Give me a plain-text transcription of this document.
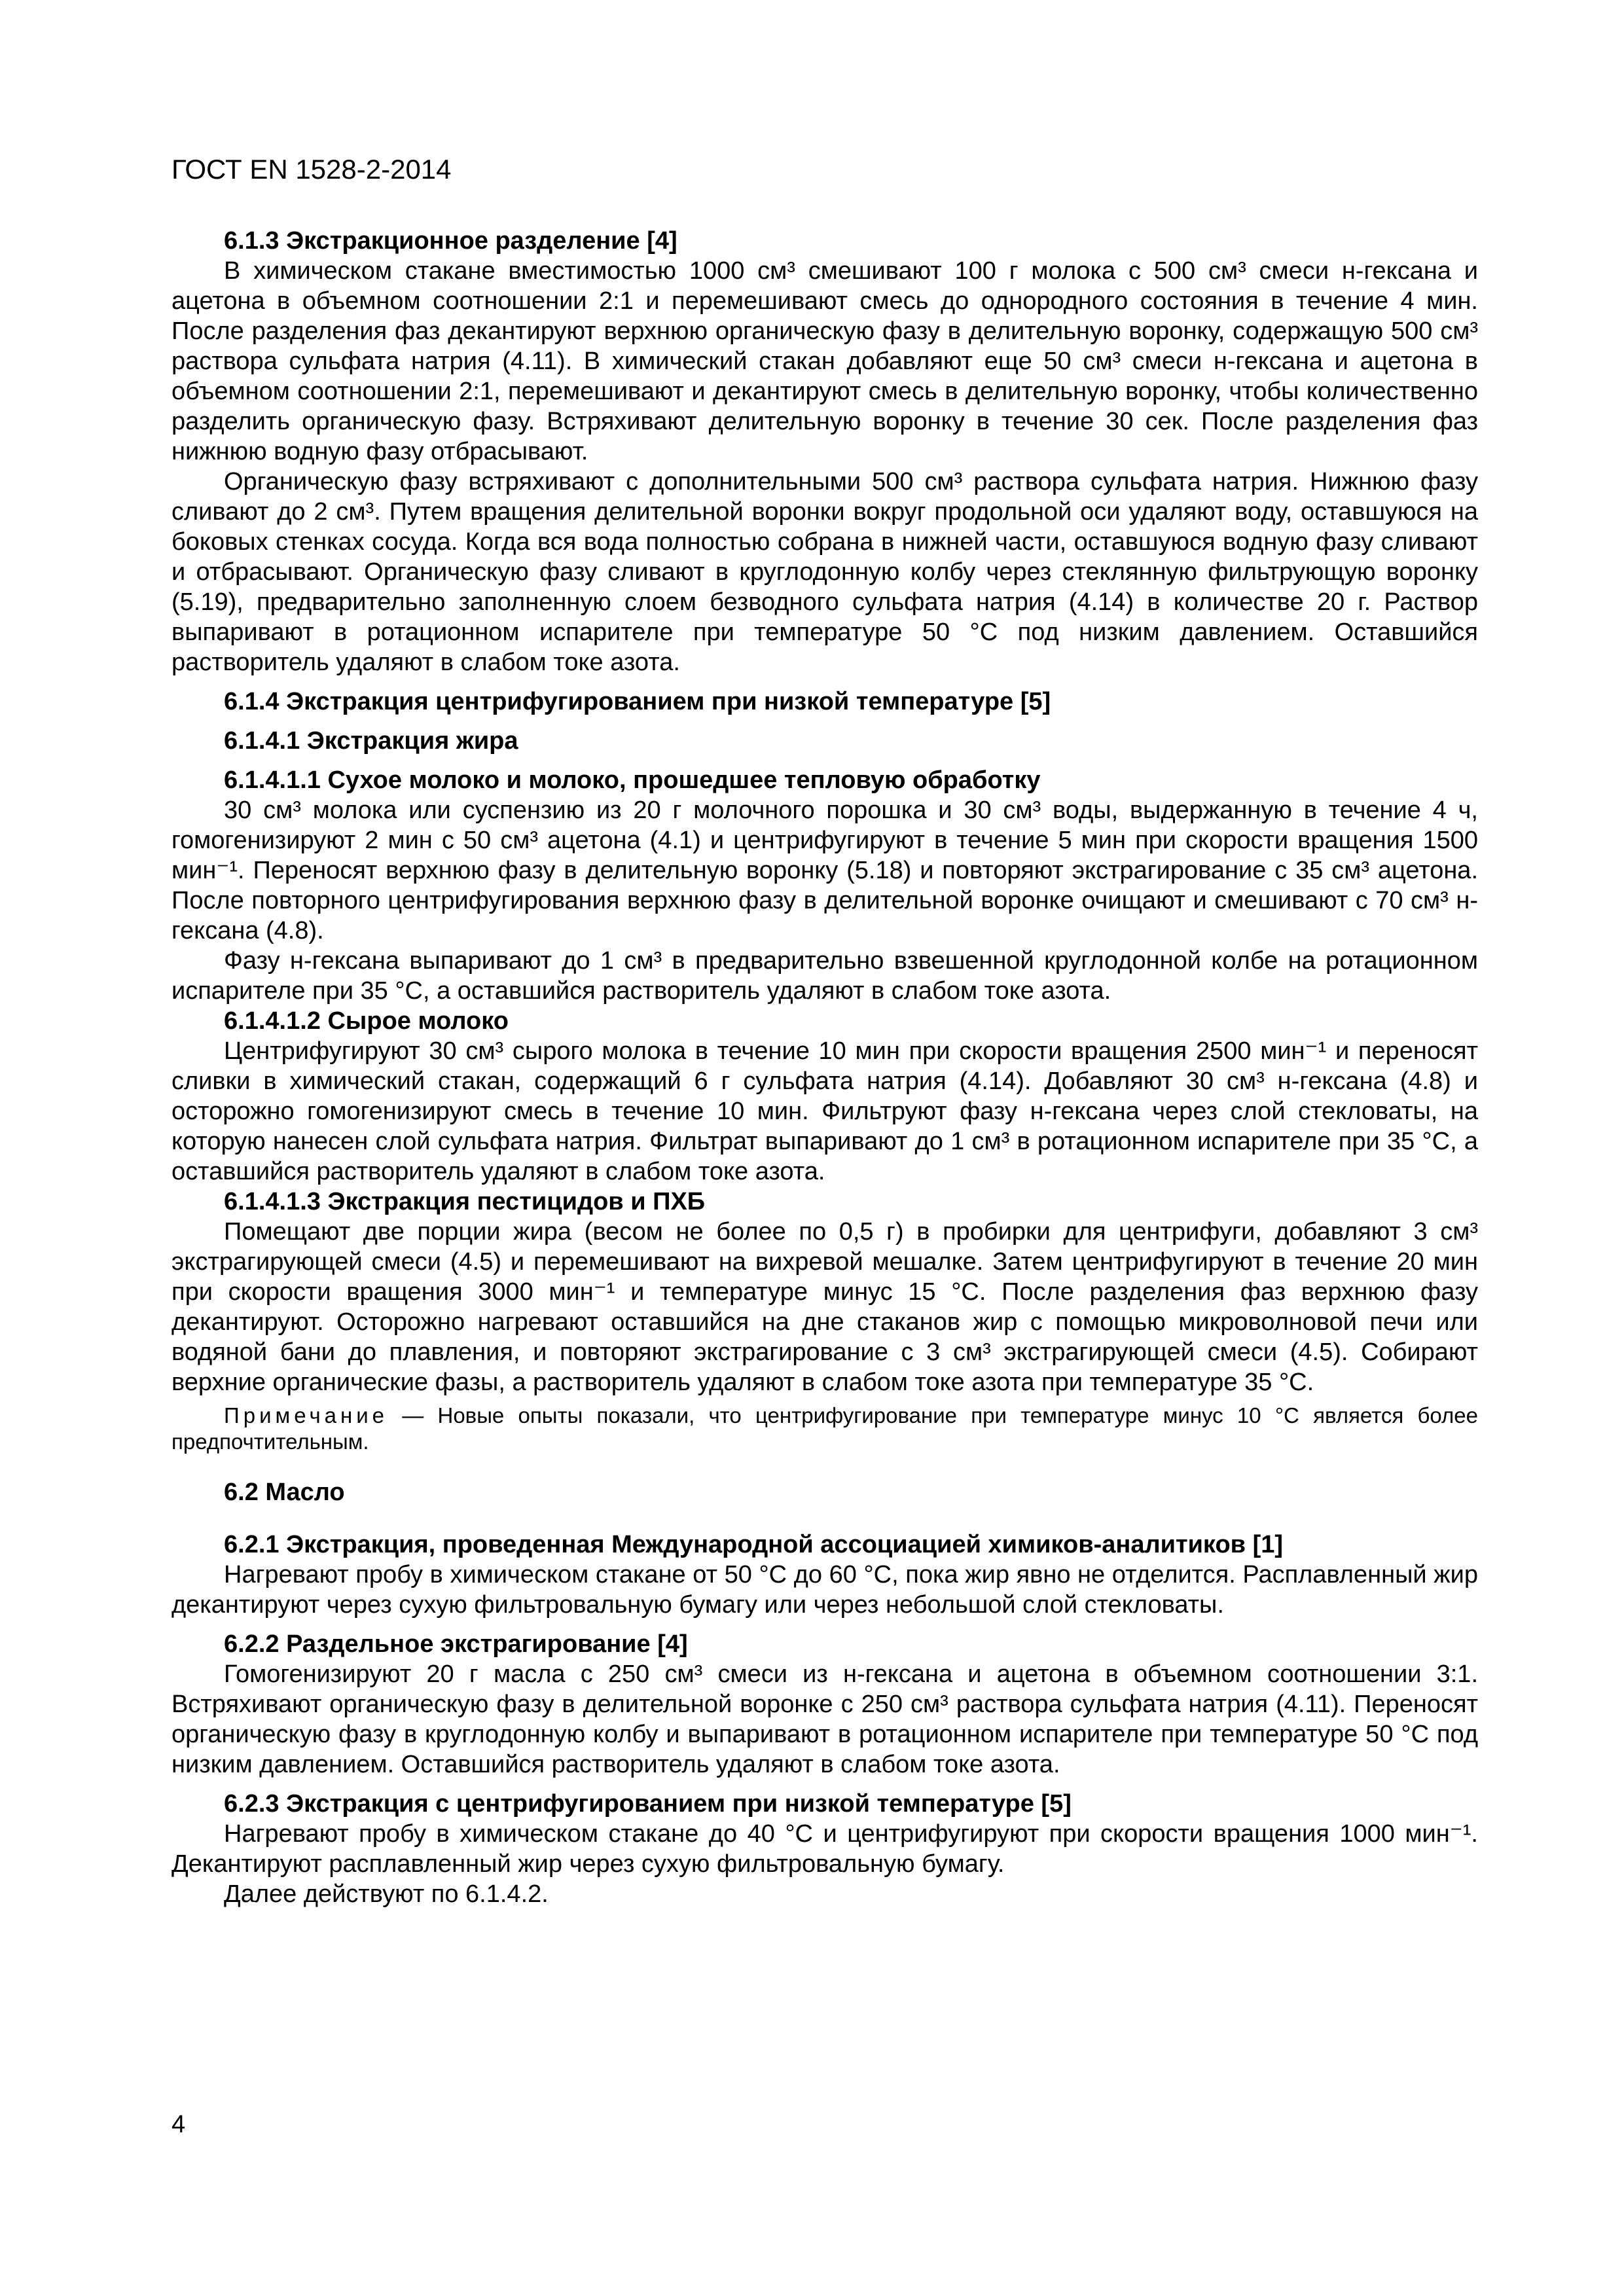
ГОСТ EN 1528-2-2014
6.1.3 Экстракционное разделение [4]

В химическом стакане вместимостью 1000 см³ смешивают 100 г молока с 500 см³ смеси н-гексана и ацетона в объемном соотношении 2:1 и перемешивают смесь до однородного состояния в течение 4 мин. После разделения фаз декантируют верхнюю органическую фазу в делительную воронку, содержащую 500 см³ раствора сульфата натрия (4.11). В химический стакан добавляют еще 50 см³ смеси н-гексана и ацетона в объемном соотношении 2:1, перемешивают и декантируют смесь в делительную воронку, чтобы количественно разделить органическую фазу. Встряхивают делительную воронку в течение 30 сек. После разделения фаз нижнюю водную фазу отбрасывают.

Органическую фазу встряхивают с дополнительными 500 см³ раствора сульфата натрия. Нижнюю фазу сливают до 2 см³. Путем вращения делительной воронки вокруг продольной оси удаляют воду, оставшуюся на боковых стенках сосуда. Когда вся вода полностью собрана в нижней части, оставшуюся водную фазу сливают и отбрасывают. Органическую фазу сливают в круглодонную колбу через стеклянную фильтрующую воронку (5.19), предварительно заполненную слоем безводного сульфата натрия (4.14) в количестве 20 г. Раствор выпаривают в ротационном испарителе при температуре 50 °С под низким давлением. Оставшийся растворитель удаляют в слабом токе азота.

6.1.4 Экстракция центрифугированием при низкой температуре [5]
6.1.4.1 Экстракция жира
6.1.4.1.1 Сухое молоко и молоко, прошедшее тепловую обработку

30 см³ молока или суспензию из 20 г молочного порошка и 30 см³ воды, выдержанную в течение 4 ч, гомогенизируют 2 мин с 50 см³ ацетона (4.1) и центрифугируют в течение 5 мин при скорости вращения 1500 мин⁻¹. Переносят верхнюю фазу в делительную воронку (5.18) и повторяют экстрагирование с 35 см³ ацетона. После повторного центрифугирования верхнюю фазу в делительной воронке очищают и смешивают с 70 см³ н-гексана (4.8).

Фазу н-гексана выпаривают до 1 см³ в предварительно взвешенной круглодонной колбе на ротационном испарителе при 35 °С, а оставшийся растворитель удаляют в слабом токе азота.

6.1.4.1.2 Сырое молоко

Центрифугируют 30 см³ сырого молока в течение 10 мин при скорости вращения 2500 мин⁻¹ и переносят сливки в химический стакан, содержащий 6 г сульфата натрия (4.14). Добавляют 30 см³ н-гексана (4.8) и осторожно гомогенизируют смесь в течение 10 мин. Фильтруют фазу н-гексана через слой стекловаты, на которую нанесен слой сульфата натрия. Фильтрат выпаривают до 1 см³ в ротационном испарителе при 35 °С, а оставшийся растворитель удаляют в слабом токе азота.

6.1.4.1.3 Экстракция пестицидов и ПХБ

Помещают две порции жира (весом не более по 0,5 г) в пробирки для центрифуги, добавляют 3 см³ экстрагирующей смеси (4.5) и перемешивают на вихревой мешалке. Затем центрифугируют в течение 20 мин при скорости вращения 3000 мин⁻¹ и температуре минус 15 °С. После разделения фаз верхнюю фазу декантируют. Осторожно нагревают оставшийся на дне стаканов жир с помощью микроволновой печи или водяной бани до плавления, и повторяют экстрагирование с 3 см³ экстрагирующей смеси (4.5). Собирают верхние органические фазы, а растворитель удаляют в слабом токе азота при температуре 35 °С.

Примечание — Новые опыты показали, что центрифугирование при температуре минус 10 °С является более предпочтительным.

6.2 Масло
6.2.1 Экстракция, проведенная Международной ассоциацией химиков-аналитиков [1]

Нагревают пробу в химическом стакане от 50 °С до 60 °С, пока жир явно не отделится. Расплавленный жир декантируют через сухую фильтровальную бумагу или через небольшой слой стекловаты.

6.2.2 Раздельное экстрагирование [4]

Гомогенизируют 20 г масла с 250 см³ смеси из н-гексана и ацетона в объемном соотношении 3:1. Встряхивают органическую фазу в делительной воронке с 250 см³ раствора сульфата натрия (4.11). Переносят органическую фазу в круглодонную колбу и выпаривают в ротационном испарителе при температуре 50 °С под низким давлением. Оставшийся растворитель удаляют в слабом токе азота.

6.2.3 Экстракция с центрифугированием при низкой температуре [5]

Нагревают пробу в химическом стакане до 40 °С и центрифугируют при скорости вращения 1000 мин⁻¹. Декантируют расплавленный жир через сухую фильтровальную бумагу.

Далее действуют по 6.1.4.2.

4
